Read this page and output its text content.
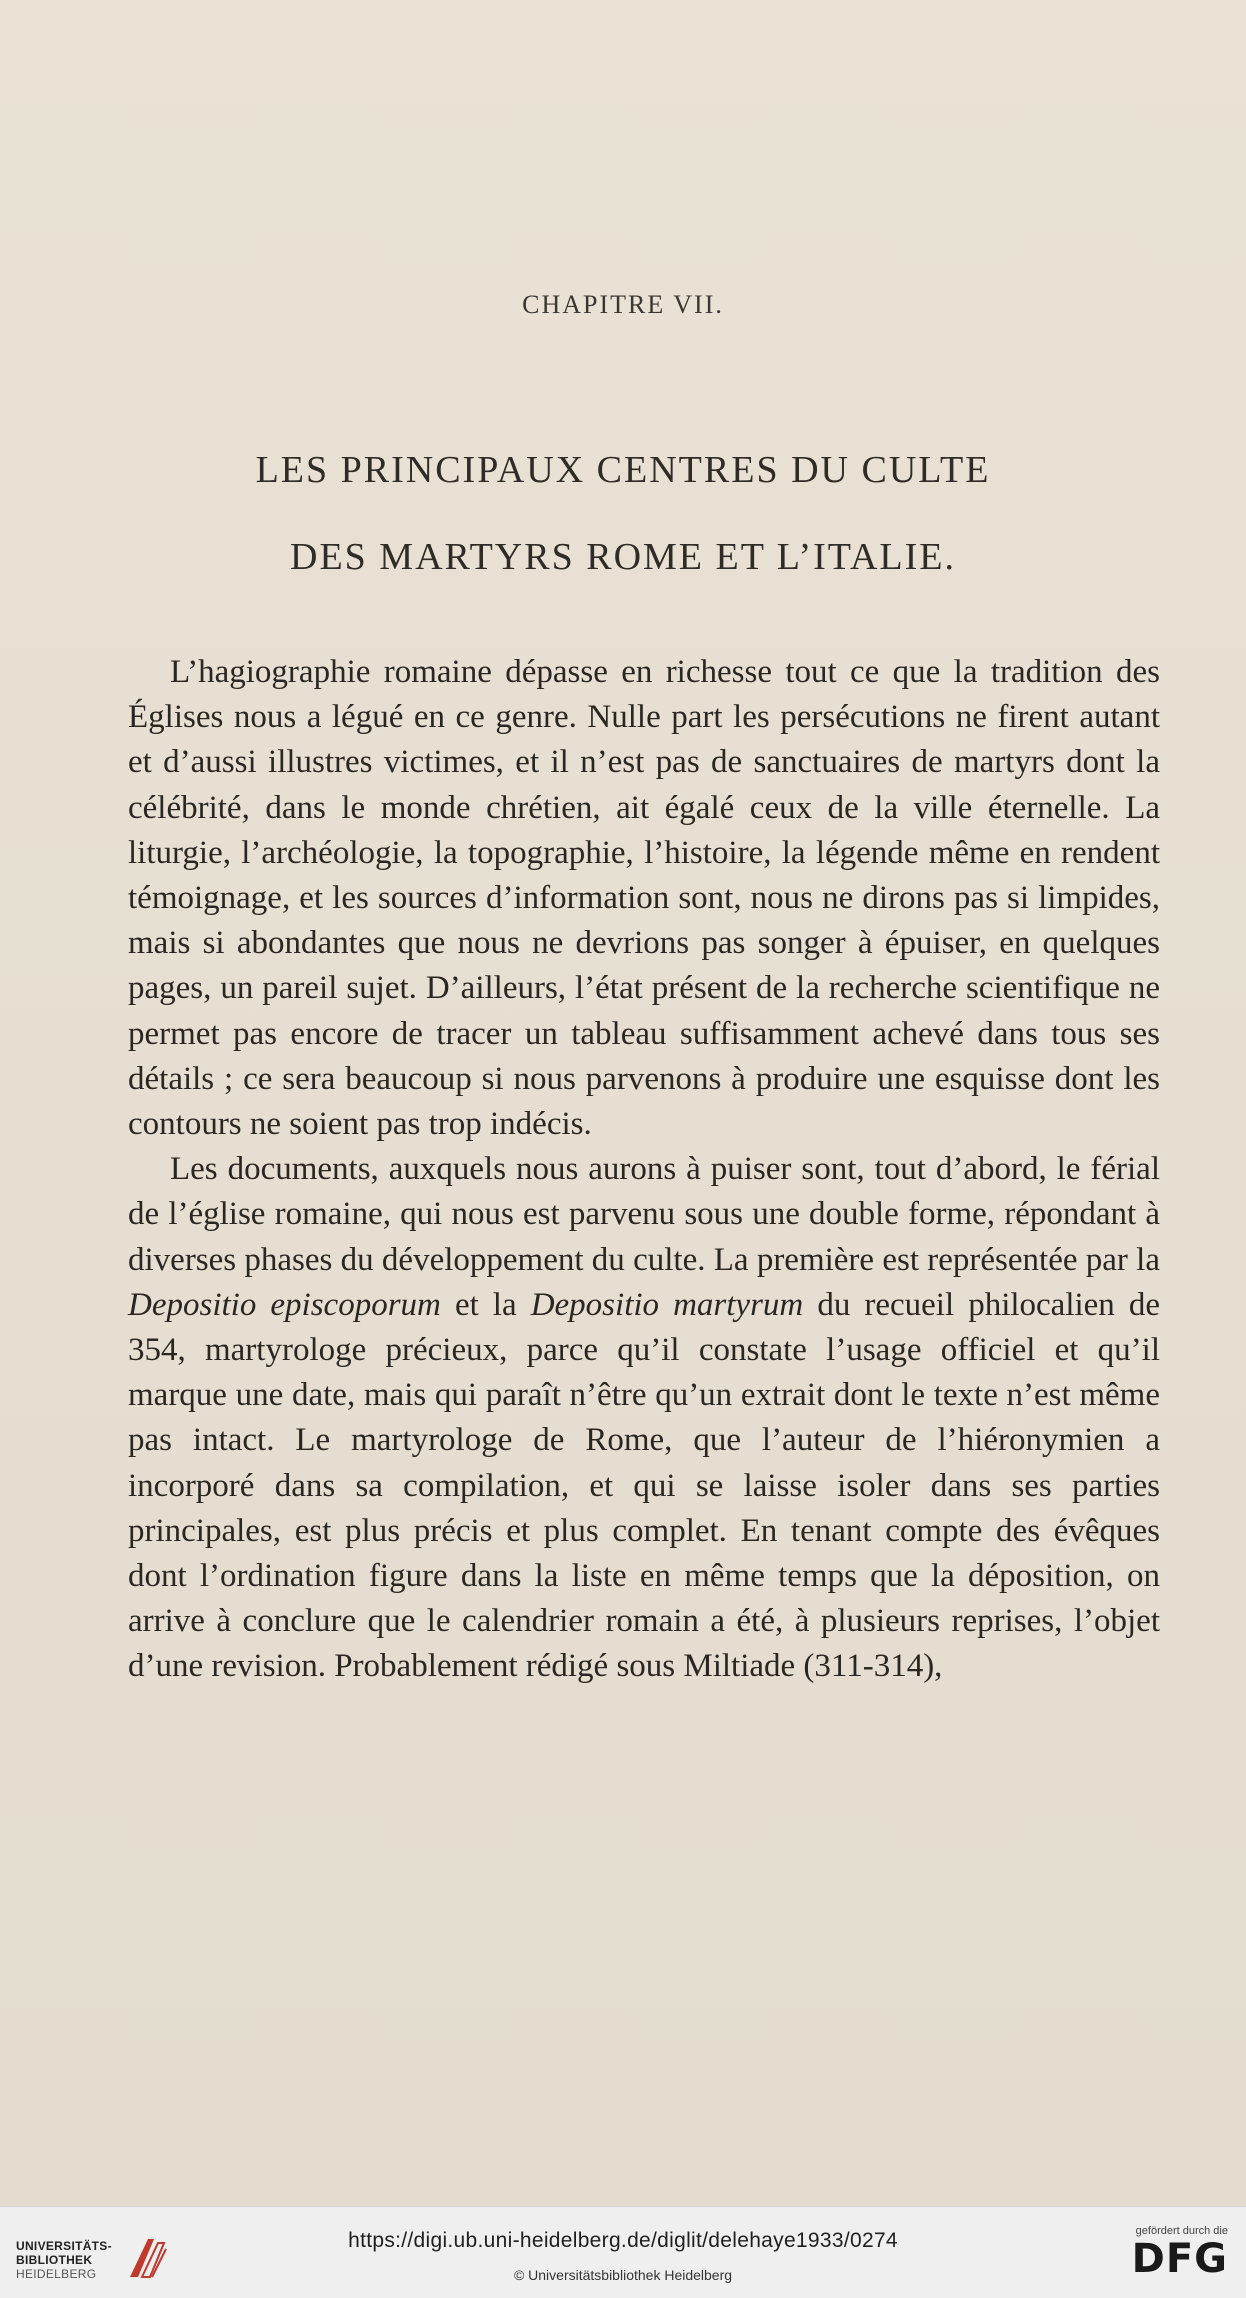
CHAPITRE VII.
LES PRINCIPAUX CENTRES DU CULTE
DES MARTYRS ROME ET L’ITALIE.

L’hagiographie romaine dépasse en richesse tout ce que la tradition des Églises nous a légué en ce genre. Nulle part les persécutions ne firent autant et d’aussi illustres victimes, et il n’est pas de sanctuaires de martyrs dont la célébrité, dans le monde chrétien, ait égalé ceux de la ville éternelle. La liturgie, l’archéologie, la topographie, l’histoire, la légende même en rendent témoignage, et les sources d’information sont, nous ne dirons pas si limpides, mais si abondantes que nous ne devrions pas songer à épuiser, en quelques pages, un pareil sujet. D’ailleurs, l’état présent de la recherche scientifique ne permet pas encore de tracer un tableau suffisamment achevé dans tous ses détails ; ce sera beaucoup si nous parvenons à produire une esquisse dont les contours ne soient pas trop indécis.

Les documents, auxquels nous aurons à puiser sont, tout d’abord, le férial de l’église romaine, qui nous est parvenu sous une double forme, répondant à diverses phases du développement du culte. La première est représentée par la Depositio episcoporum et la Depositio martyrum du recueil philocalien de 354, martyrologe précieux, parce qu’il constate l’usage officiel et qu’il marque une date, mais qui paraît n’être qu’un extrait dont le texte n’est même pas intact. Le martyrologe de Rome, que l’auteur de l’hiéronymien a incorporé dans sa compilation, et qui se laisse isoler dans ses parties principales, est plus précis et plus complet. En tenant compte des évêques dont l’ordination figure dans la liste en même temps que la déposition, on arrive à conclure que le calendrier romain a été, à plusieurs reprises, l’objet d’une revision. Probablement rédigé sous Miltiade (311-314),

UNIVERSITÄTS-
BIBLIOTHEK
HEIDELBERG
https://digi.ub.uni-heidelberg.de/diglit/delehaye1933/0274
© Universitätsbibliothek Heidelberg
gefördert durch die
DFG
